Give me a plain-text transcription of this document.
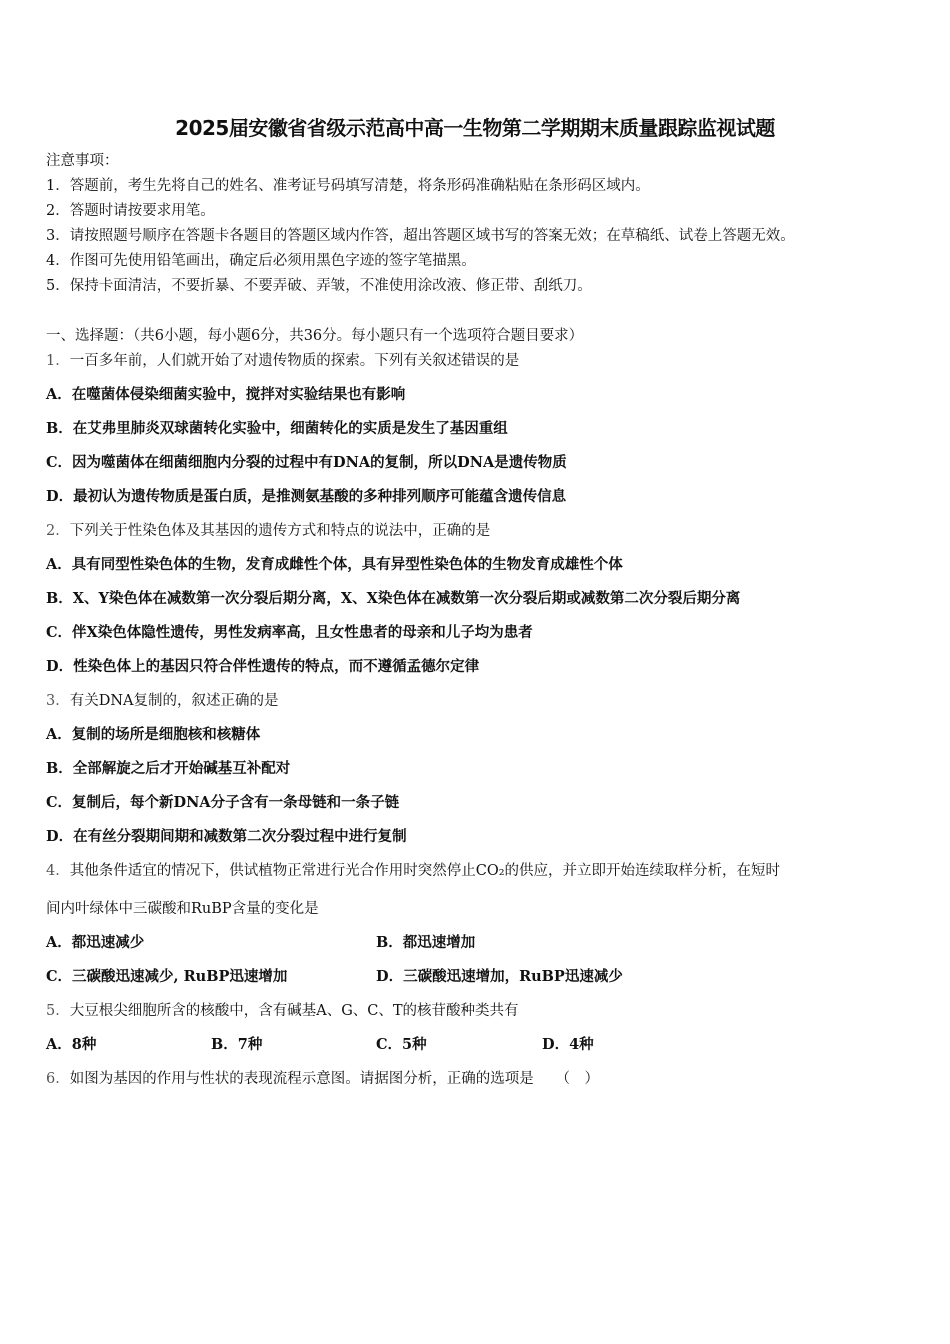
2025届安徽省省级示范高中高一生物第二学期期末质量跟踪监视试题
注意事项：
1．答题前，考生先将自己的姓名、准考证号码填写清楚，将条形码准确粘贴在条形码区域内。
2．答题时请按要求用笔。
3．请按照题号顺序在答题卡各题目的答题区域内作答，超出答题区域书写的答案无效；在草稿纸、试卷上答题无效。
4．作图可先使用铅笔画出，确定后必须用黑色字迹的签字笔描黑。
5．保持卡面清洁，不要折暴、不要弄破、弄皱，不准使用涂改液、修正带、刮纸刀。
一、选择题：（共6小题，每小题6分，共36分。每小题只有一个选项符合题目要求）
1．一百多年前，人们就开始了对遗传物质的探索。下列有关叙述错误的是
A．在噬菌体侵染细菌实验中，搅拌对实验结果也有影响
B．在艾弗里肺炎双球菌转化实验中，细菌转化的实质是发生了基因重组
C．因为噬菌体在细菌细胞内分裂的过程中有DNA的复制，所以DNA是遗传物质
D．最初认为遗传物质是蛋白质，是推测氨基酸的多种排列顺序可能蕴含遗传信息
2．下列关于性染色体及其基因的遗传方式和特点的说法中，正确的是
A．具有同型性染色体的生物，发育成雌性个体，具有异型性染色体的生物发育成雄性个体
B．X、Y染色体在减数第一次分裂后期分离，X、X染色体在减数第一次分裂后期或减数第二次分裂后期分离
C．伴X染色体隐性遗传，男性发病率高，且女性患者的母亲和儿子均为患者
D．性染色体上的基因只符合伴性遗传的特点，而不遵循孟德尔定律
3．有关DNA复制的，叙述正确的是
A．复制的场所是细胞核和核糖体
B．全部解旋之后才开始碱基互补配对
C．复制后，每个新DNA分子含有一条母链和一条子链
D．在有丝分裂期间期和减数第二次分裂过程中进行复制
4．其他条件适宜的情况下，供试植物正常进行光合作用时突然停止CO₂的供应，并立即开始连续取样分析，在短时
间内叶绿体中三碳酸和RuBP含量的变化是
A．都迅速减少	B．都迅速增加
C．三碳酸迅速减少, RuBP迅速增加	D．三碳酸迅速增加，RuBP迅速减少
5．大豆根尖细胞所含的核酸中，含有碱基A、G、C、T的核苷酸种类共有
A．8种	B．7种	C．5种	D．4种
6．如图为基因的作用与性状的表现流程示意图。请据图分析，正确的选项是　　（　）
